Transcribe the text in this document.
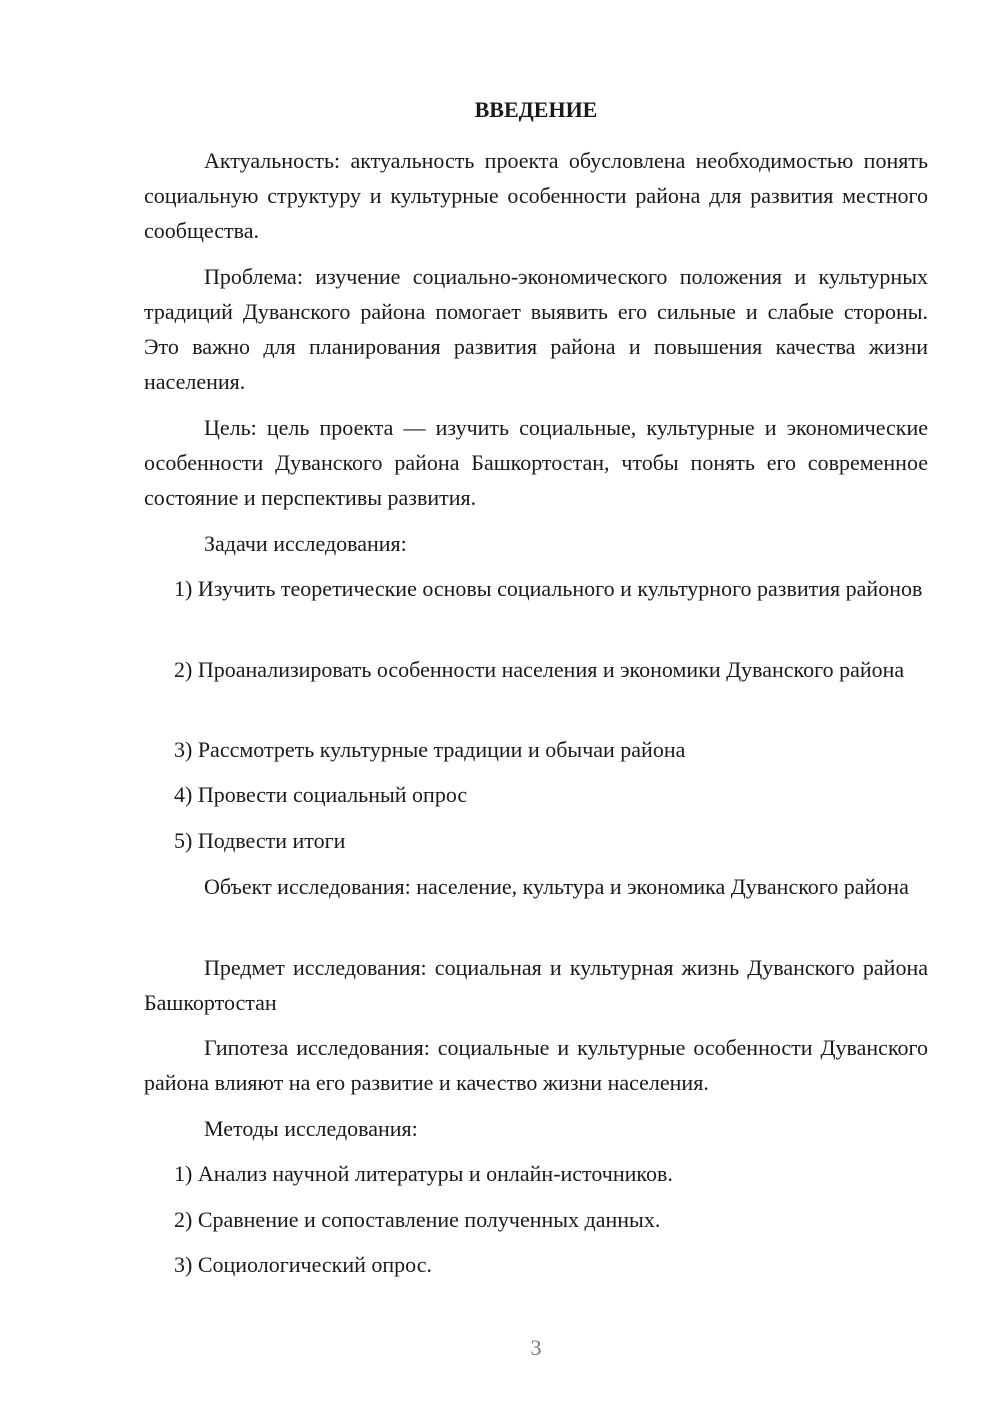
ВВЕДЕНИЕ

Актуальность: актуальность проекта обусловлена необходимостью понять социальную структуру и культурные особенности района для развития местного сообщества.

Проблема: изучение социально-экономического положения и культурных традиций Дуванского района помогает выявить его сильные и слабые стороны. Это важно для планирования развития района и повышения качества жизни населения.

Цель: цель проекта — изучить социальные, культурные и экономические особенности Дуванского района Башкортостан, чтобы понять его современное состояние и перспективы развития.

Задачи исследования:

1) Изучить теоретические основы социального и культурного развития районов

2) Проанализировать особенности населения и экономики Дуванского района

3) Рассмотреть культурные традиции и обычаи района

4) Провести социальный опрос

5) Подвести итоги

Объект исследования: население, культура и экономика Дуванского района

Предмет исследования: социальная и культурная жизнь Дуванского района Башкортостан

Гипотеза исследования: социальные и культурные особенности Дуванского района влияют на его развитие и качество жизни населения.

Методы исследования:

1) Анализ научной литературы и онлайн-источников.

2) Сравнение и сопоставление полученных данных.

3) Социологический опрос.

3
